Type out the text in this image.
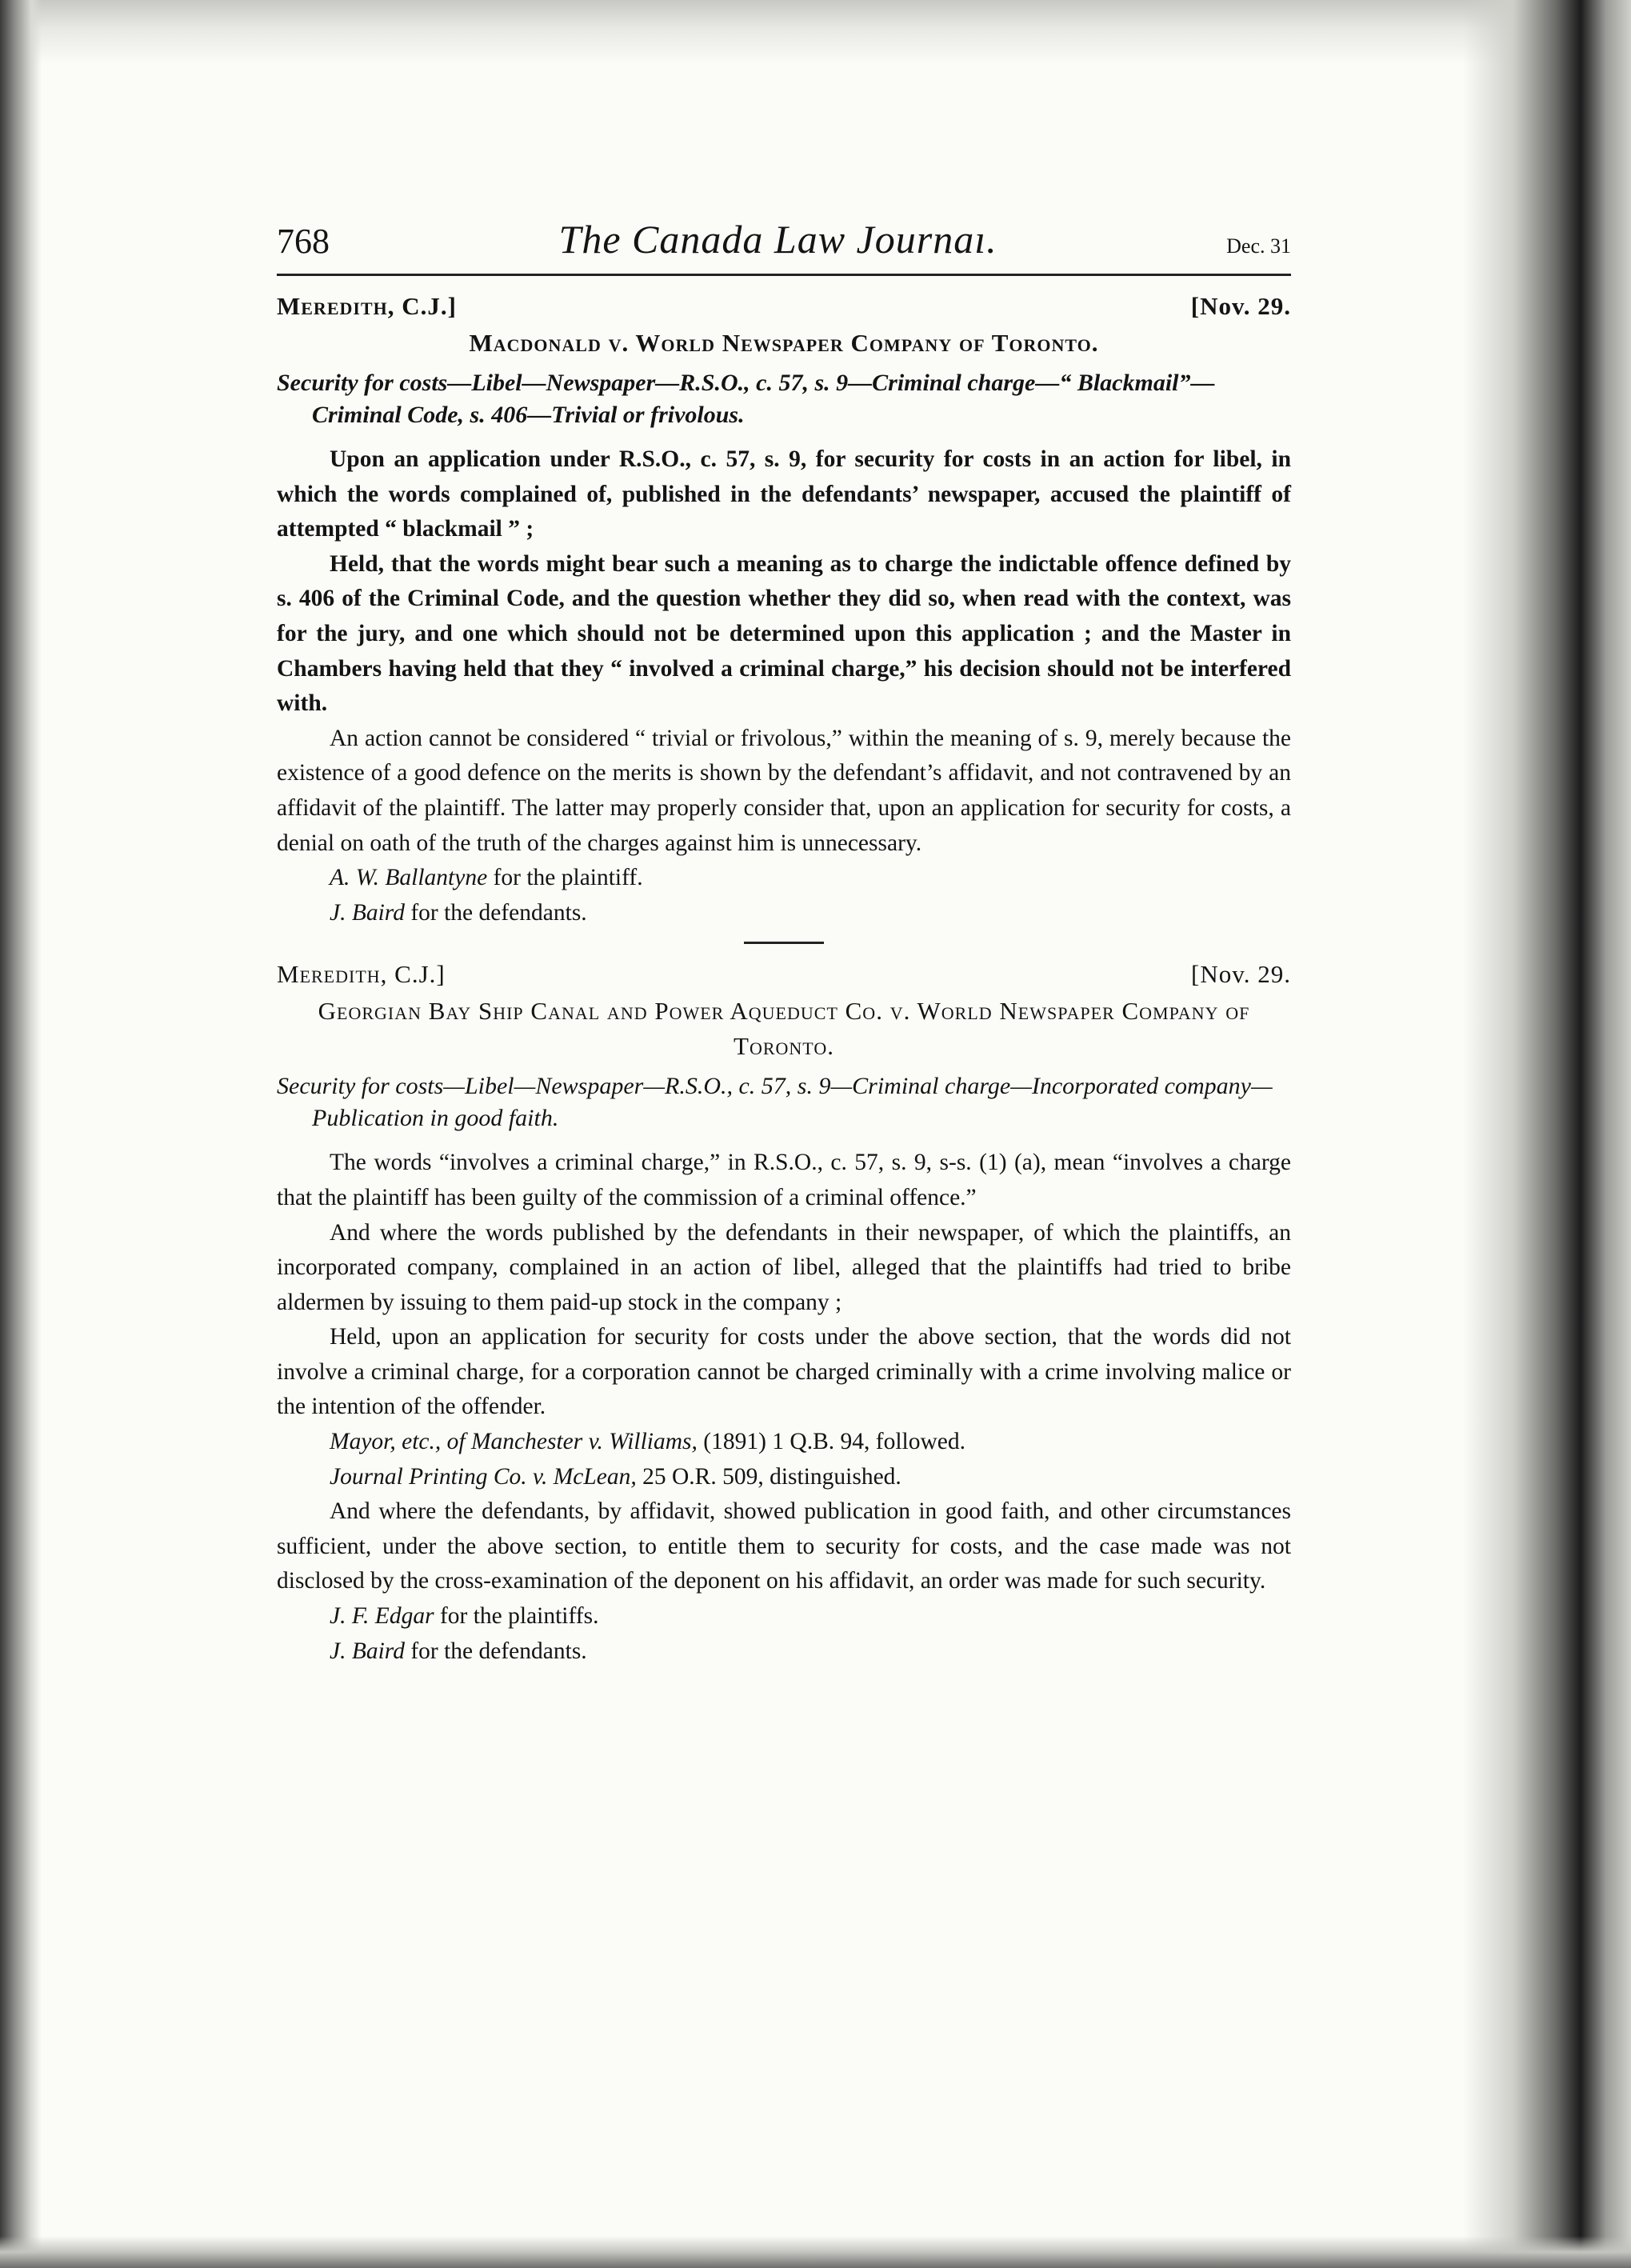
768	The Canada Law Journaı.	Dec. 31
Meredith, C.J.]	[Nov. 29.
Macdonald v. World Newspaper Company of Toronto.
Security for costs—Libel—Newspaper—R.S.O., c. 57, s. 9—Criminal charge—“ Blackmail”—Criminal Code, s. 406—Trivial or frivolous.

Upon an application under R.S.O., c. 57, s. 9, for security for costs in an action for libel, in which the words complained of, published in the defendants’ newspaper, accused the plaintiff of attempted “ blackmail ” ;

Held, that the words might bear such a meaning as to charge the indictable offence defined by s. 406 of the Criminal Code, and the question whether they did so, when read with the context, was for the jury, and one which should not be determined upon this application ; and the Master in Chambers having held that they “ involved a criminal charge,” his decision should not be interfered with.

An action cannot be considered “ trivial or frivolous,” within the meaning of s. 9, merely because the existence of a good defence on the merits is shown by the defendant’s affidavit, and not contravened by an affidavit of the plaintiff. The latter may properly consider that, upon an application for security for costs, a denial on oath of the truth of the charges against him is unnecessary.

A. W. Ballantyne for the plaintiff.

J. Baird for the defendants.

Meredith, C.J.]	[Nov. 29.
Georgian Bay Ship Canal and Power Aqueduct Co. v. World Newspaper Company of Toronto.
Security for costs—Libel—Newspaper—R.S.O., c. 57, s. 9—Criminal charge—Incorporated company—Publication in good faith.

The words “involves a criminal charge,” in R.S.O., c. 57, s. 9, s-s. (1) (a), mean “involves a charge that the plaintiff has been guilty of the commission of a criminal offence.”

And where the words published by the defendants in their newspaper, of which the plaintiffs, an incorporated company, complained in an action of libel, alleged that the plaintiffs had tried to bribe aldermen by issuing to them paid-up stock in the company ;

Held, upon an application for security for costs under the above section, that the words did not involve a criminal charge, for a corporation cannot be charged criminally with a crime involving malice or the intention of the offender.

Mayor, etc., of Manchester v. Williams, (1891) 1 Q.B. 94, followed.

Journal Printing Co. v. McLean, 25 O.R. 509, distinguished.

And where the defendants, by affidavit, showed publication in good faith, and other circumstances sufficient, under the above section, to entitle them to security for costs, and the case made was not disclosed by the cross-examination of the deponent on his affidavit, an order was made for such security.

J. F. Edgar for the plaintiffs.

J. Baird for the defendants.
